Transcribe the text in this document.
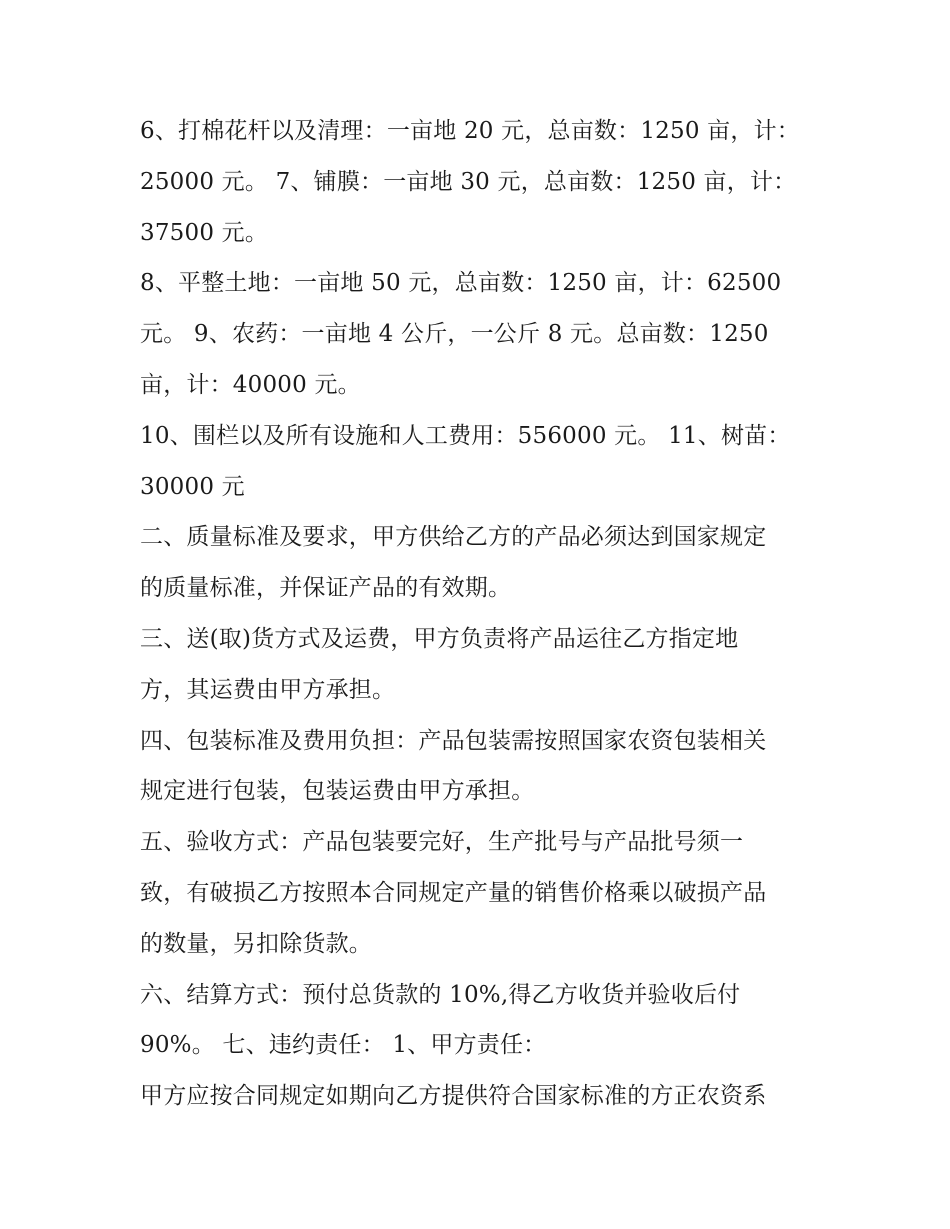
6、打棉花杆以及清理：一亩地 20 元，总亩数：1250 亩，计：
25000 元。 7、铺膜：一亩地 30 元，总亩数：1250 亩，计：
37500 元。
8、平整土地：一亩地 50 元，总亩数：1250 亩，计：62500
元。 9、农药：一亩地 4 公斤，一公斤 8 元。总亩数：1250
亩，计：40000 元。
10、围栏以及所有设施和人工费用：556000 元。 11、树苗：
30000 元
二、质量标准及要求，甲方供给乙方的产品必须达到国家规定
的质量标准，并保证产品的有效期。
三、送(取)货方式及运费，甲方负责将产品运往乙方指定地
方，其运费由甲方承担。
四、包装标准及费用负担：产品包装需按照国家农资包装相关
规定进行包装，包装运费由甲方承担。
五、验收方式：产品包装要完好，生产批号与产品批号须一
致，有破损乙方按照本合同规定产量的销售价格乘以破损产品
的数量，另扣除货款。
六、结算方式：预付总货款的 10%,得乙方收货并验收后付
90%。 七、违约责任： 1、甲方责任：
甲方应按合同规定如期向乙方提供符合国家标准的方正农资系
